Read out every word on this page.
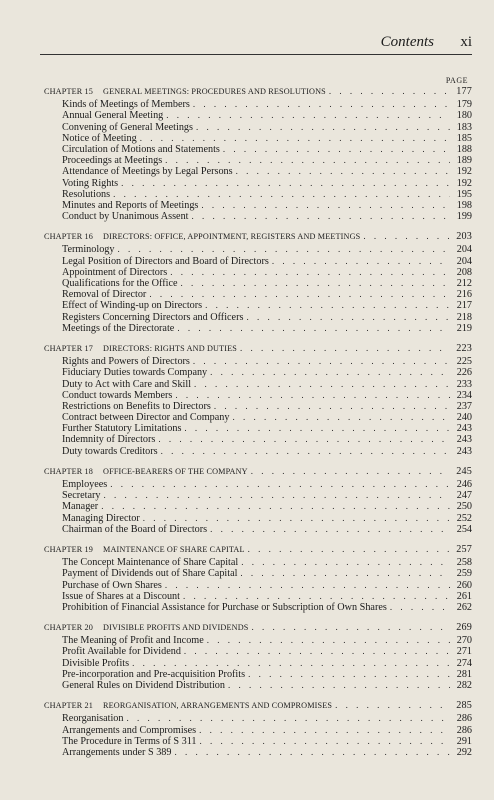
Contents xi
PAGE
CHAPTER 15 GENERAL MEETINGS: PROCEDURES AND RESOLUTIONS . . .	177
Kinds of Meetings of Members . . .	179
Annual General Meeting . . .	180
Convening of General Meetings . . .	183
Notice of Meeting . . .	185
Circulation of Motions and Statements . . .	188
Proceedings at Meetings . . .	189
Attendance of Meetings by Legal Persons . . .	192
Voting Rights . . .	192
Resolutions . . .	195
Minutes and Reports of Meetings . . .	198
Conduct by Unanimous Assent . . .	199
CHAPTER 16 DIRECTORS: OFFICE, APPOINTMENT, REGISTERS AND MEETINGS . . .	203
Terminology . . .	204
Legal Position of Directors and Board of Directors . . .	204
Appointment of Directors . . .	208
Qualifications for the Office . . .	212
Removal of Director . . .	216
Effect of Winding-up on Directors . . .	217
Registers Concerning Directors and Officers . . .	218
Meetings of the Directorate . . .	219
CHAPTER 17 DIRECTORS: RIGHTS AND DUTIES . . .	223
Rights and Powers of Directors . . .	225
Fiduciary Duties towards Company . . .	226
Duty to Act with Care and Skill . . .	233
Conduct towards Members . . .	234
Restrictions on Benefits to Directors . . .	237
Contract between Director and Company . . .	240
Further Statutory Limitations . . .	243
Indemnity of Directors . . .	243
Duty towards Creditors . . .	243
CHAPTER 18 OFFICE-BEARERS OF THE COMPANY . . .	245
Employees . . .	246
Secretary . . .	247
Manager . . .	250
Managing Director . . .	252
Chairman of the Board of Directors . . .	254
CHAPTER 19 MAINTENANCE OF SHARE CAPITAL . . .	257
The Concept Maintenance of Share Capital . . .	258
Payment of Dividends out of Share Capital . . .	259
Purchase of Own Shares . . .	260
Issue of Shares at a Discount . . .	261
Prohibition of Financial Assistance for Purchase or Subscription of Own Shares . . .	262
CHAPTER 20 DIVISIBLE PROFITS AND DIVIDENDS . . .	269
The Meaning of Profit and Income . . .	270
Profit Available for Dividend . . .	271
Divisible Profits . . .	274
Pre-incorporation and Pre-acquisition Profits . . .	281
General Rules on Dividend Distribution . . .	282
CHAPTER 21 REORGANISATION, ARRANGEMENTS AND COMPROMISES . . .	285
Reorganisation . . .	286
Arrangements and Compromises . . .	286
The Procedure in Terms of S 311 . . .	291
Arrangements under S 389 . . .	292
